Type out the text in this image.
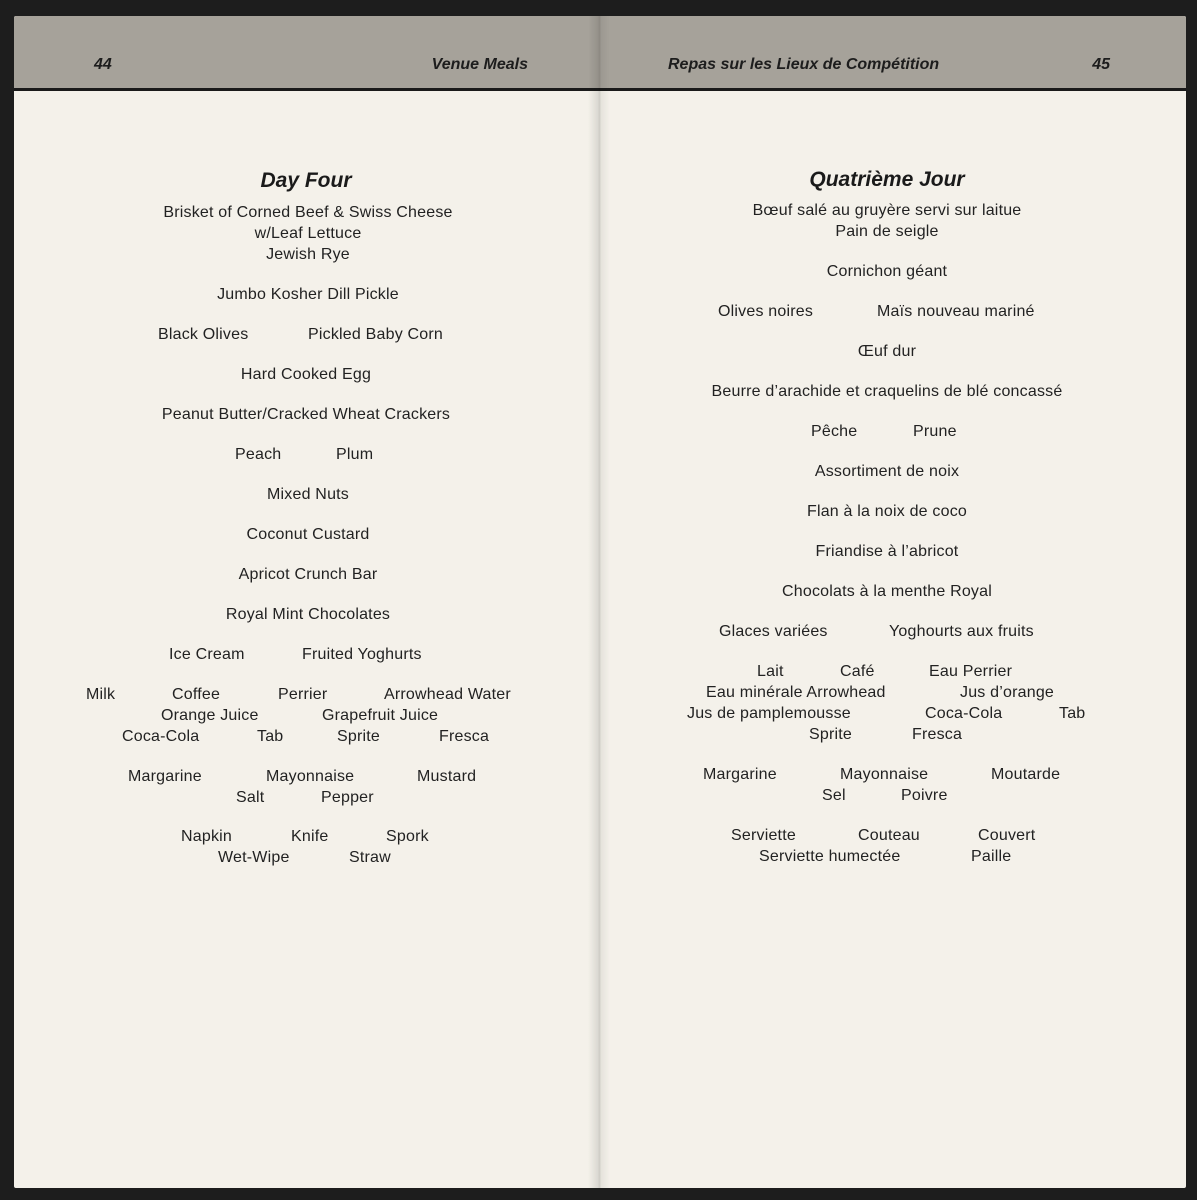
44	Venue Meals
Day Four
Brisket of Corned Beef & Swiss Cheese
w/Leaf Lettuce
Jewish Rye
Jumbo Kosher Dill Pickle
Black Olives	Pickled Baby Corn
Hard Cooked Egg
Peanut Butter/Cracked Wheat Crackers
Peach	Plum
Mixed Nuts
Coconut Custard
Apricot Crunch Bar
Royal Mint Chocolates
Ice Cream	Fruited Yoghurts
Milk	Coffee	Perrier	Arrowhead Water
Orange Juice	Grapefruit Juice
Coca-Cola	Tab	Sprite	Fresca
Margarine	Mayonnaise	Mustard
Salt	Pepper
Napkin	Knife	Spork
Wet-Wipe	Straw
Repas sur les Lieux de Compétition	45
Quatrième Jour
Bœuf salé au gruyère servi sur laitue
Pain de seigle
Cornichon géant
Olives noires	Maïs nouveau mariné
Œuf dur
Beurre d’arachide et craquelins de blé concassé
Pêche	Prune
Assortiment de noix
Flan à la noix de coco
Friandise à l’abricot
Chocolats à la menthe Royal
Glaces variées	Yoghourts aux fruits
Lait	Café	Eau Perrier
Eau minérale Arrowhead	Jus d’orange
Jus de pamplemousse	Coca-Cola	Tab
Sprite	Fresca
Margarine	Mayonnaise	Moutarde
Sel	Poivre
Serviette	Couteau	Couvert
Serviette humectée	Paille
